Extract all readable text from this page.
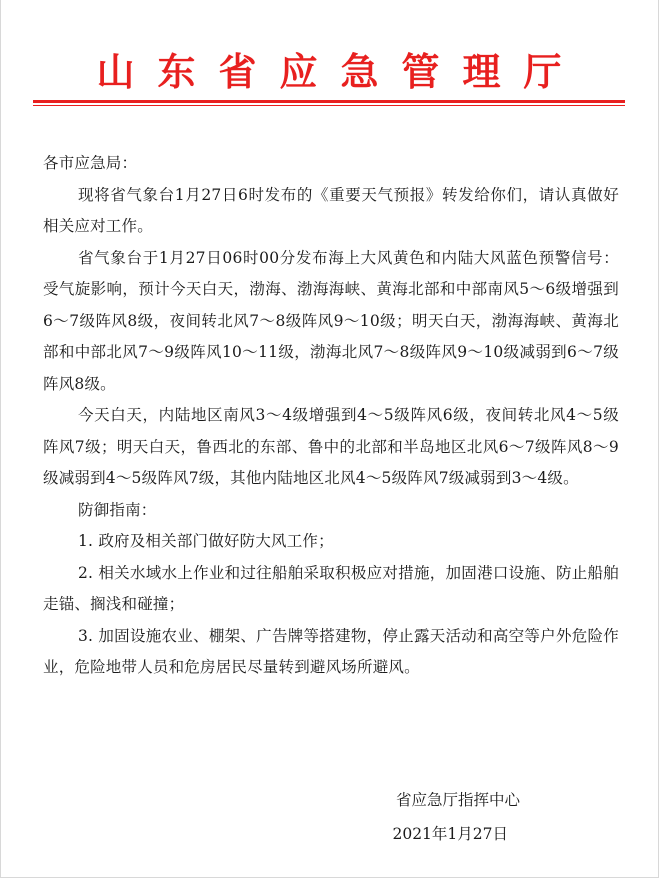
山东省应急管理厅

各市应急局：

现将省气象台1月27日6时发布的《重要天气预报》转发给你们，请认真做好相关应对工作。

省气象台于1月27日06时00分发布海上大风黄色和内陆大风蓝色预警信号：受气旋影响，预计今天白天，渤海、渤海海峡、黄海北部和中部南风5～6级增强到6～7级阵风8级，夜间转北风7～8级阵风9～10级；明天白天，渤海海峡、黄海北部和中部北风7～9级阵风10～11级，渤海北风7～8级阵风9～10级减弱到6～7级阵风8级。

今天白天，内陆地区南风3～4级增强到4～5级阵风6级，夜间转北风4～5级阵风7级；明天白天，鲁西北的东部、鲁中的北部和半岛地区北风6～7级阵风8～9级减弱到4～5级阵风7级，其他内陆地区北风4～5级阵风7级减弱到3～4级。

防御指南：

1. 政府及相关部门做好防大风工作；

2. 相关水域水上作业和过往船舶采取积极应对措施，加固港口设施、防止船舶走锚、搁浅和碰撞；

3. 加固设施农业、棚架、广告牌等搭建物，停止露天活动和高空等户外危险作业，危险地带人员和危房居民尽量转到避风场所避风。

省应急厅指挥中心
2021年1月27日
